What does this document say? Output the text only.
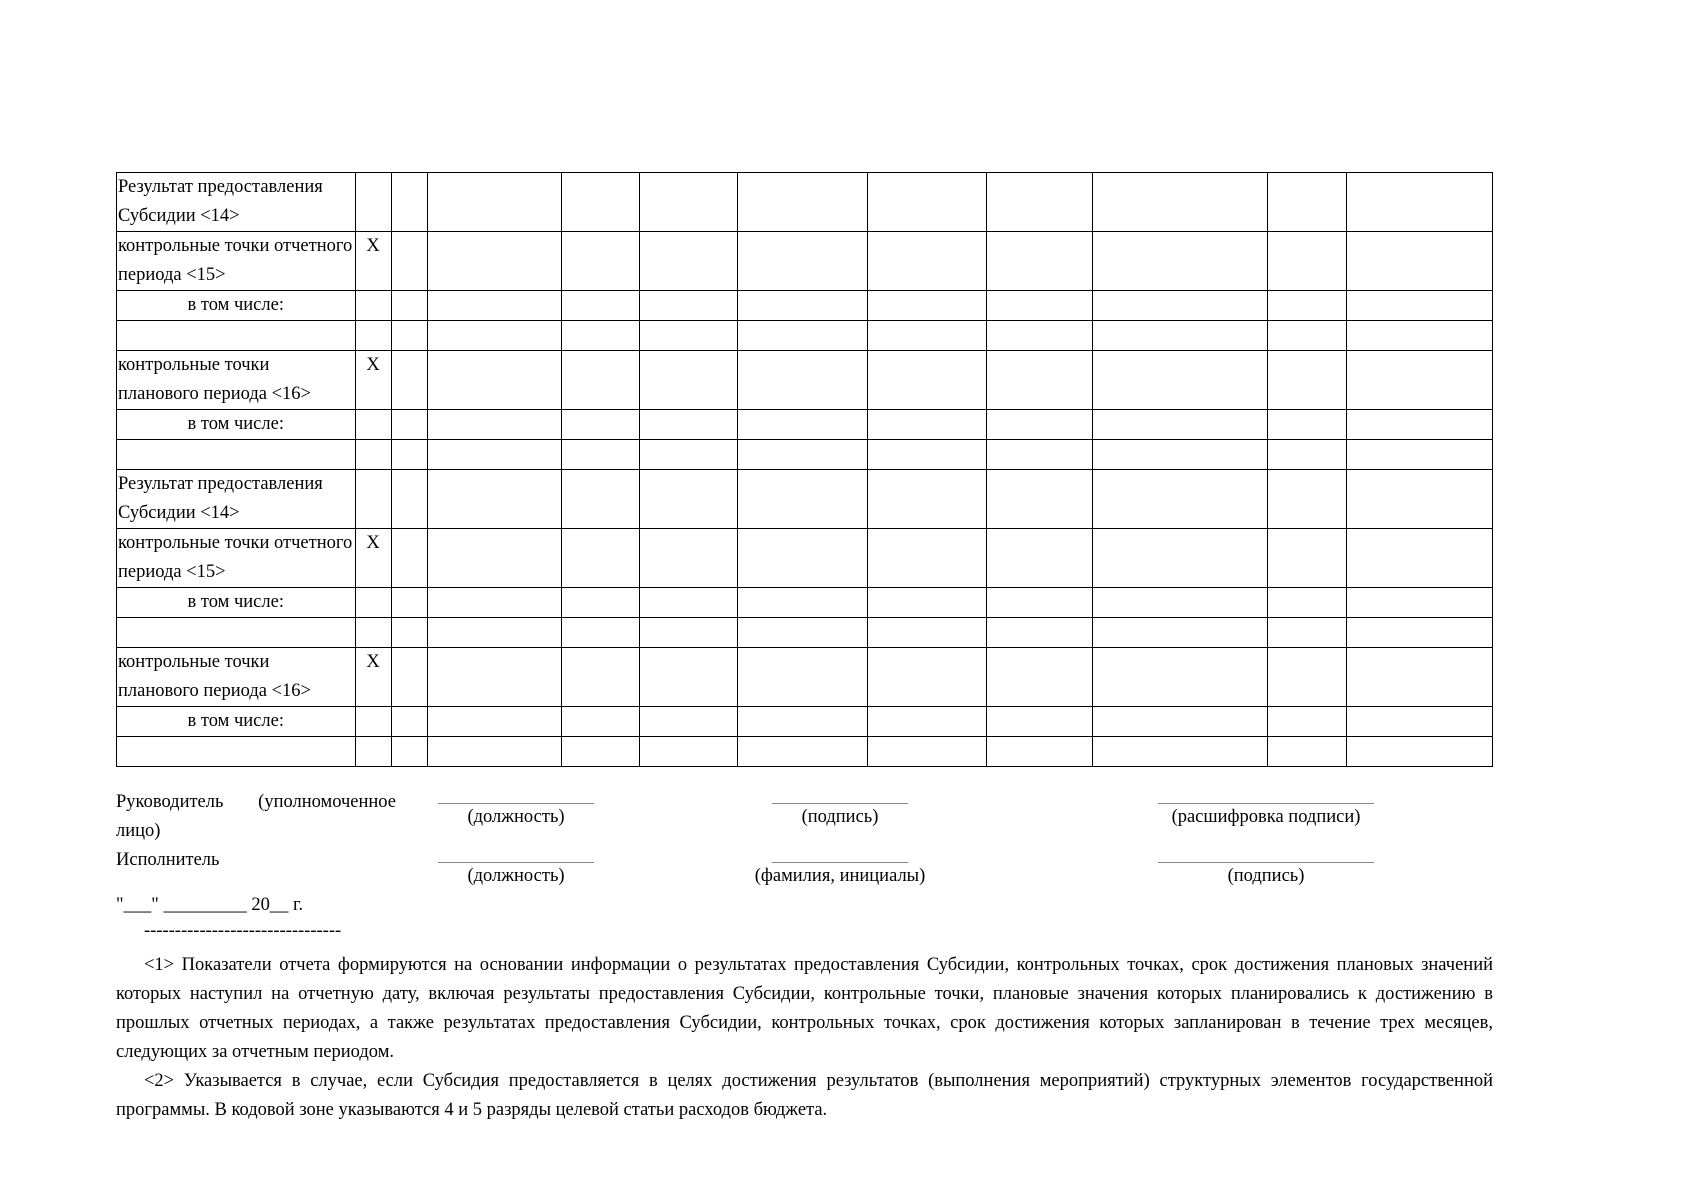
Результат предоставления Субсидии <14>											
контрольные точки отчетного периода <15>	X										
в том числе:											

контрольные точки планового периода <16>	X										
в том числе:											

Результат предоставления Субсидии <14>											
контрольные точки отчетного периода <15>	X										
в том числе:											

контрольные точки планового периода <16>	X										
в том числе:											

Руководитель (уполномоченное лицо)
(должность)	(подпись)	(расшифровка подписи)
Исполнитель
(должность)	(фамилия, инициалы)	(подпись)
"___" _________ 20__ г.
--------------------------------

<1> Показатели отчета формируются на основании информации о результатах предоставления Субсидии, контрольных точках, срок достижения плановых значений которых наступил на отчетную дату, включая результаты предоставления Субсидии, контрольные точки, плановые значения которых планировались к достижению в прошлых отчетных периодах, а также результатах предоставления Субсидии, контрольных точках, срок достижения которых запланирован в течение трех месяцев, следующих за отчетным периодом.

<2> Указывается в случае, если Субсидия предоставляется в целях достижения результатов (выполнения мероприятий) структурных элементов государственной программы. В кодовой зоне указываются 4 и 5 разряды целевой статьи расходов бюджета.
